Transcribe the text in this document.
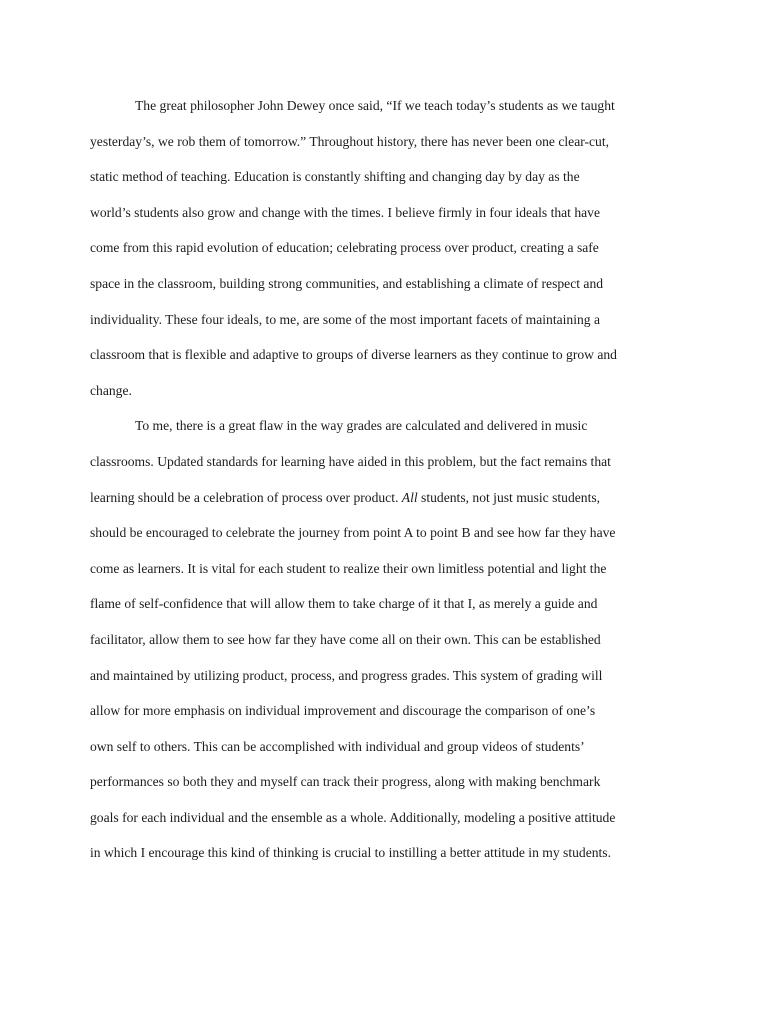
The great philosopher John Dewey once said, “If we teach today’s students as we taught
yesterday’s, we rob them of tomorrow.” Throughout history, there has never been one clear-cut,
static method of teaching. Education is constantly shifting and changing day by day as the
world’s students also grow and change with the times. I believe firmly in four ideals that have
come from this rapid evolution of education; celebrating process over product, creating a safe
space in the classroom, building strong communities, and establishing a climate of respect and
individuality. These four ideals, to me, are some of the most important facets of maintaining a
classroom that is flexible and adaptive to groups of diverse learners as they continue to grow and
change.
To me, there is a great flaw in the way grades are calculated and delivered in music
classrooms. Updated standards for learning have aided in this problem, but the fact remains that
learning should be a celebration of process over product. All students, not just music students,
should be encouraged to celebrate the journey from point A to point B and see how far they have
come as learners. It is vital for each student to realize their own limitless potential and light the
flame of self-confidence that will allow them to take charge of it that I, as merely a guide and
facilitator, allow them to see how far they have come all on their own. This can be established
and maintained by utilizing product, process, and progress grades. This system of grading will
allow for more emphasis on individual improvement and discourage the comparison of one’s
own self to others. This can be accomplished with individual and group videos of students’
performances so both they and myself can track their progress, along with making benchmark
goals for each individual and the ensemble as a whole. Additionally, modeling a positive attitude
in which I encourage this kind of thinking is crucial to instilling a better attitude in my students.
